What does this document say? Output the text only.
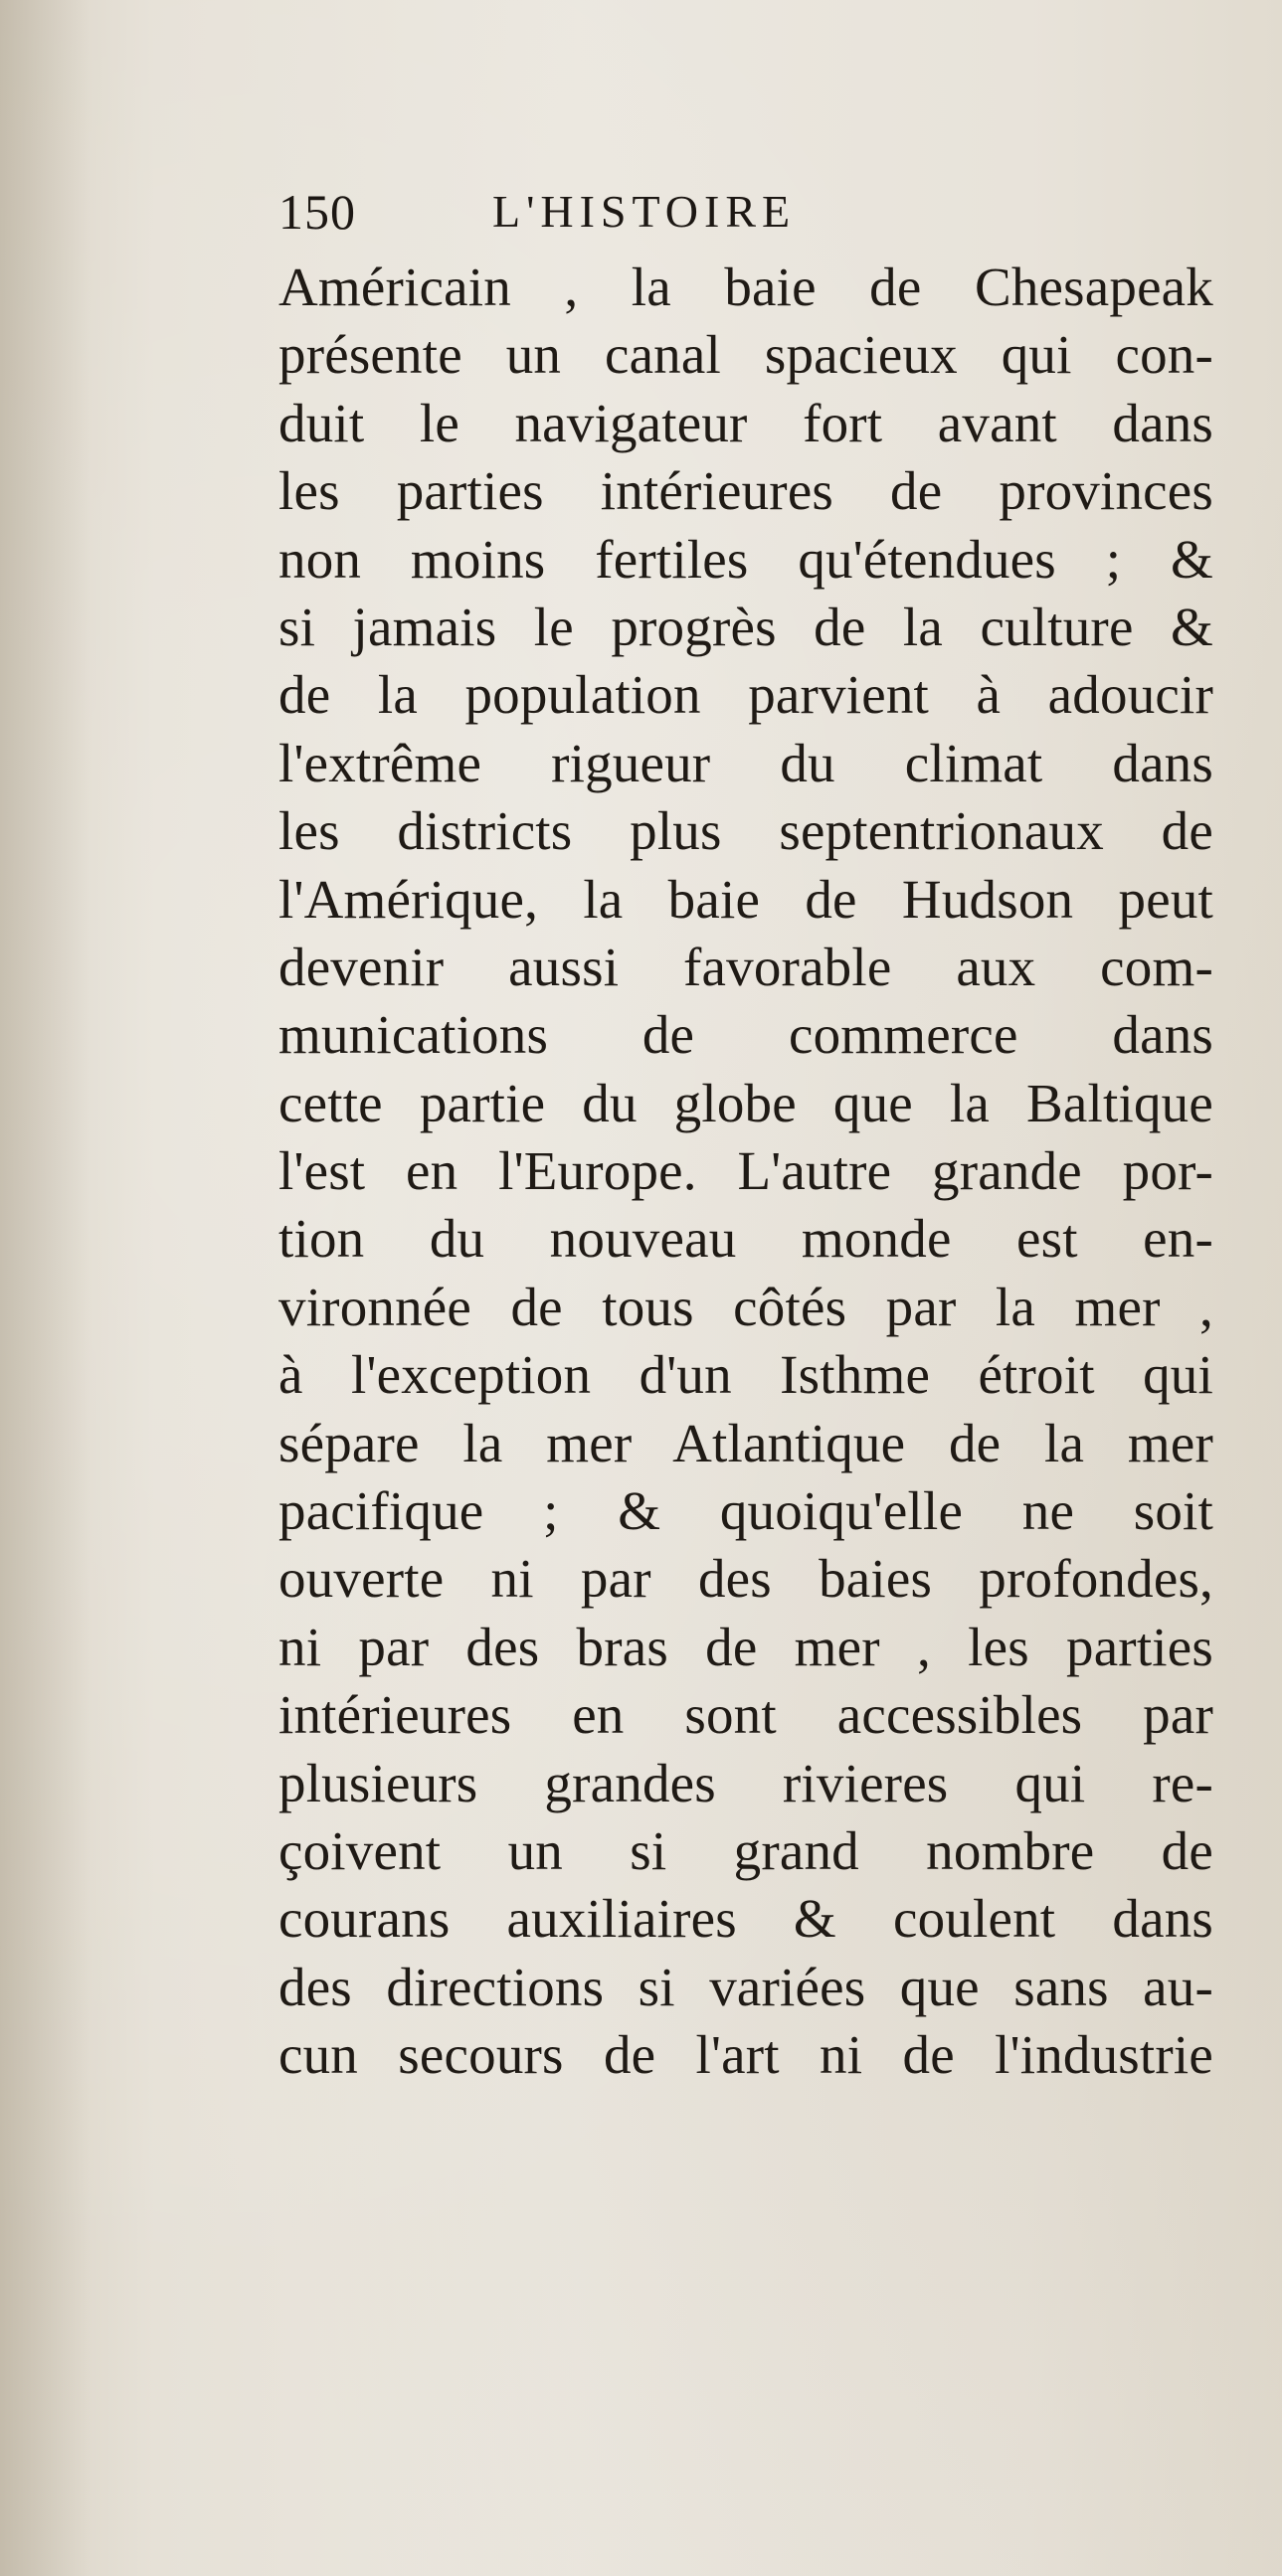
150	L'HISTOIRE
Américain , la baie de Chesapeak
présente un canal spacieux qui con-
duit le navigateur fort avant dans
les parties intérieures de provinces
non moins fertiles qu'étendues ; &
si jamais le progrès de la culture &
de la population parvient à adoucir
l'extrême rigueur du climat dans
les districts plus septentrionaux de
l'Amérique, la baie de Hudson peut
devenir aussi favorable aux com-
munications de commerce dans
cette partie du globe que la Baltique
l'est en l'Europe. L'autre grande por-
tion du nouveau monde est en-
vironnée de tous côtés par la mer ,
à l'exception d'un Isthme étroit qui
sépare la mer Atlantique de la mer
pacifique ; & quoiqu'elle ne soit
ouverte ni par des baies profondes,
ni par des bras de mer , les parties
intérieures en sont accessibles par
plusieurs grandes rivieres qui re-
çoivent un si grand nombre de
courans auxiliaires & coulent dans
des directions si variées que sans au-
cun secours de l'art ni de l'industrie
